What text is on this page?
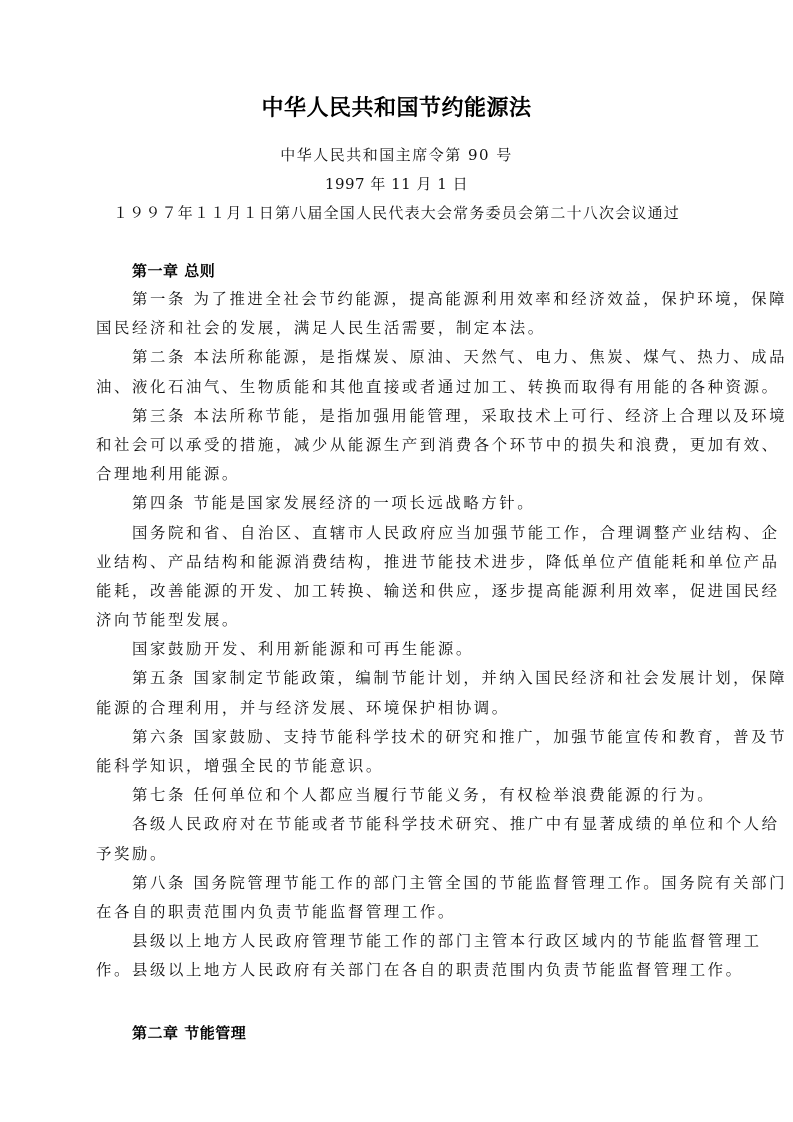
中华人民共和国节约能源法
中华人民共和国主席令第 90 号
1997 年 11 月 1 日
１９９７年１１月１日第八届全国人民代表大会常务委员会第二十八次会议通过
第一章 总则
第一条 为了推进全社会节约能源，提高能源利用效率和经济效益，保护环境，保障
国民经济和社会的发展，满足人民生活需要，制定本法。
第二条 本法所称能源，是指煤炭、原油、天然气、电力、焦炭、煤气、热力、成品
油、液化石油气、生物质能和其他直接或者通过加工、转换而取得有用能的各种资源。
第三条 本法所称节能，是指加强用能管理，采取技术上可行、经济上合理以及环境
和社会可以承受的措施，减少从能源生产到消费各个环节中的损失和浪费，更加有效、
合理地利用能源。
第四条 节能是国家发展经济的一项长远战略方针。
国务院和省、自治区、直辖市人民政府应当加强节能工作，合理调整产业结构、企
业结构、产品结构和能源消费结构，推进节能技术进步，降低单位产值能耗和单位产品
能耗，改善能源的开发、加工转换、输送和供应，逐步提高能源利用效率，促进国民经
济向节能型发展。
国家鼓励开发、利用新能源和可再生能源。
第五条 国家制定节能政策，编制节能计划，并纳入国民经济和社会发展计划，保障
能源的合理利用，并与经济发展、环境保护相协调。
第六条 国家鼓励、支持节能科学技术的研究和推广，加强节能宣传和教育，普及节
能科学知识，增强全民的节能意识。
第七条 任何单位和个人都应当履行节能义务，有权检举浪费能源的行为。
各级人民政府对在节能或者节能科学技术研究、推广中有显著成绩的单位和个人给
予奖励。
第八条 国务院管理节能工作的部门主管全国的节能监督管理工作。国务院有关部门
在各自的职责范围内负责节能监督管理工作。
县级以上地方人民政府管理节能工作的部门主管本行政区域内的节能监督管理工
作。县级以上地方人民政府有关部门在各自的职责范围内负责节能监督管理工作。
第二章 节能管理
